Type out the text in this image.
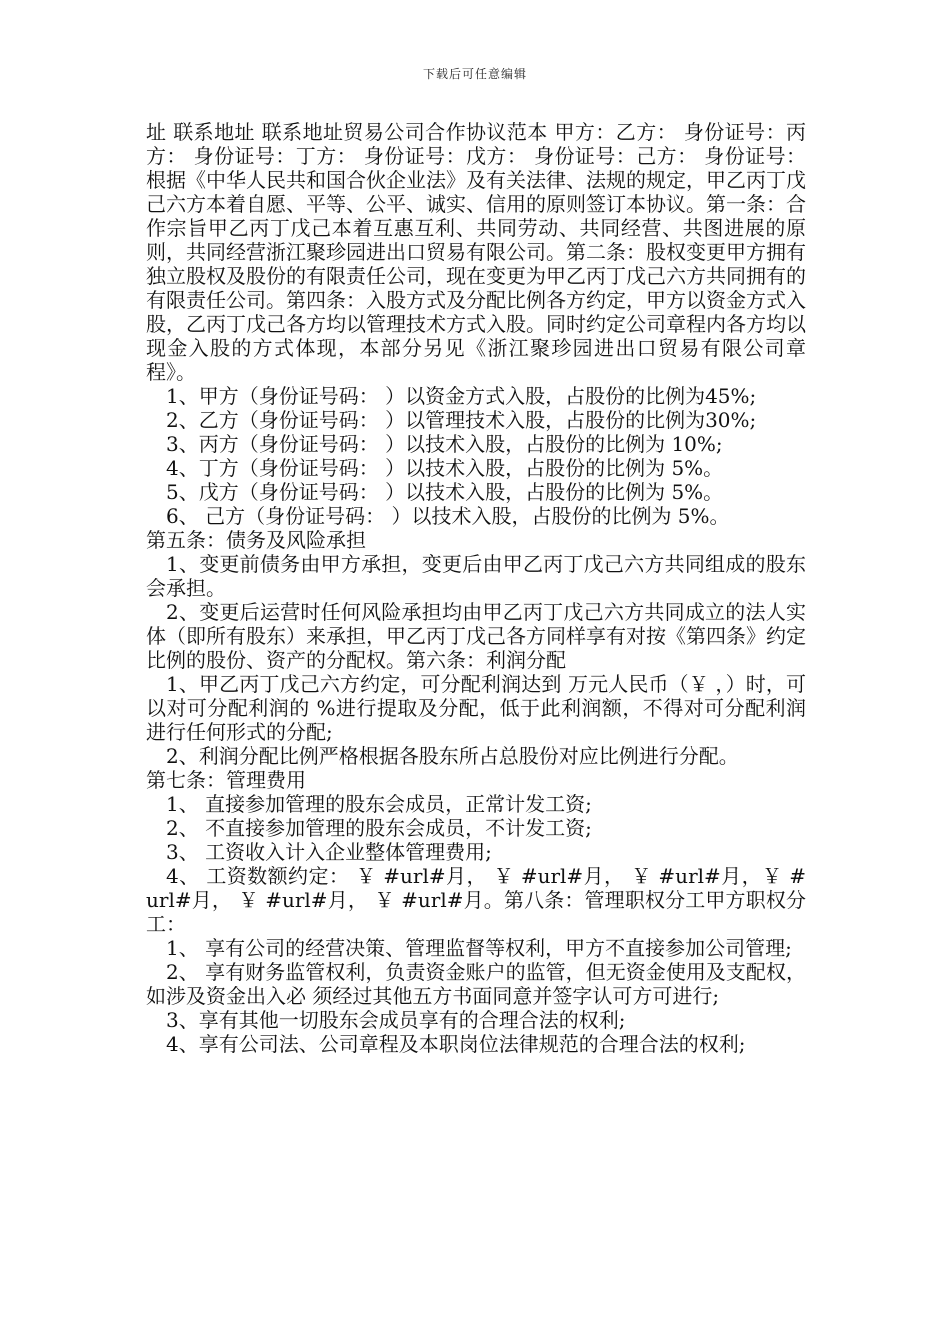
下载后可任意编辑

址 联系地址 联系地址贸易公司合作协议范本 甲方：乙方： 身份证号：丙方： 身份证号：丁方： 身份证号：戊方： 身份证号：己方： 身份证号：根据《中华人民共和国合伙企业法》及有关法律、法规的规定，甲乙丙丁戊己六方本着自愿、平等、公平、诚实、信用的原则签订本协议。第一条：合作宗旨甲乙丙丁戊己本着互惠互利、共同劳动、共同经营、共图进展的原则，共同经营浙江聚珍园进出口贸易有限公司。第二条：股权变更甲方拥有独立股权及股份的有限责任公司，现在变更为甲乙丙丁戊己六方共同拥有的有限责任公司。第四条：入股方式及分配比例各方约定，甲方以资金方式入股，乙丙丁戊己各方均以管理技术方式入股。同时约定公司章程内各方均以现金入股的方式体现，本部分另见《浙江聚珍园进出口贸易有限公司章程》。

1、甲方（身份证号码： ）以资金方式入股，占股份的比例为45%;

2、乙方（身份证号码： ）以管理技术入股，占股份的比例为30%;

3、丙方（身份证号码： ）以技术入股，占股份的比例为 10%;

4、丁方（身份证号码： ）以技术入股，占股份的比例为 5%。

5、戊方（身份证号码： ）以技术入股，占股份的比例为 5%。

6、 己方（身份证号码： ）以技术入股，占股份的比例为 5%。

第五条：债务及风险承担

1、变更前债务由甲方承担，变更后由甲乙丙丁戊己六方共同组成的股东会承担。

2、变更后运营时任何风险承担均由甲乙丙丁戊己六方共同成立的法人实体（即所有股东）来承担，甲乙丙丁戊己各方同样享有对按《第四条》约定比例的股份、资产的分配权。第六条：利润分配

1、甲乙丙丁戊己六方约定，可分配利润达到 万元人民币（￥ ，）时，可以对可分配利润的 %进行提取及分配，低于此利润额，不得对可分配利润进行任何形式的分配;

2、利润分配比例严格根据各股东所占总股份对应比例进行分配。

第七条：管理费用

1、 直接参加管理的股东会成员，正常计发工资;

2、 不直接参加管理的股东会成员，不计发工资;

3、 工资收入计入企业整体管理费用;

4、 工资数额约定： ￥ #url#月， ￥ #url#月， ￥ #url#月，￥ #url#月， ￥ #url#月， ￥ #url#月。第八条：管理职权分工甲方职权分工：

1、 享有公司的经营决策、管理监督等权利，甲方不直接参加公司管理;

2、 享有财务监管权利，负责资金账户的监管，但无资金使用及支配权，如涉及资金出入必 须经过其他五方书面同意并签字认可方可进行;

3、享有其他一切股东会成员享有的合理合法的权利;

4、享有公司法、公司章程及本职岗位法律规范的合理合法的权利;
